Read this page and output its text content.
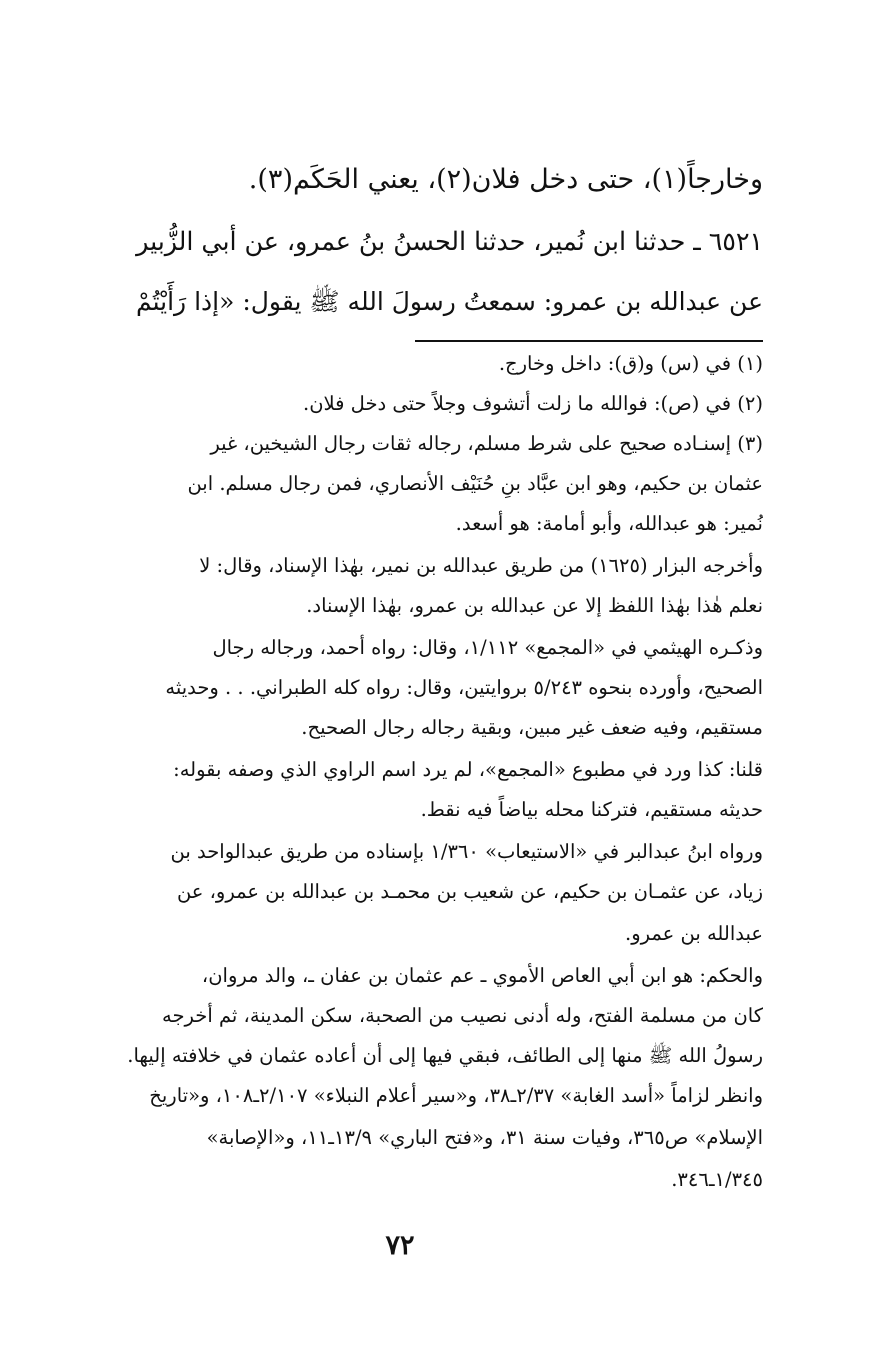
وخارجاً(١)، حتى دخل فلان(٢)، يعني الحَكَم(٣).
٦٥٢١ ـ حدثنا ابن نُمير، حدثنا الحسنُ بنُ عمرو، عن أبي الزُّبير
عن عبدالله بن عمرو: سمعتُ رسولَ الله ﷺ يقول: «إذا رَأَيْتُمْ
(١) في (س) و(ق): داخل وخارج.
(٢) في (ص): فوالله ما زلت أتشوف وجلاً حتى دخل فلان.
(٣) إسنـاده صحيح على شرط مسلم، رجاله ثقات رجال الشيخين، غير
عثمان بن حكيم، وهو ابن عبَّاد بنِ حُنَيْف الأنصاري، فمن رجال مسلم. ابن
نُمير: هو عبدالله، وأبو أمامة: هو أسعد.
وأخرجه البزار (١٦٢٥) من طريق عبدالله بن نمير، بهٰذا الإسناد، وقال: لا
نعلم هٰذا بهٰذا اللفظ إلا عن عبدالله بن عمرو، بهٰذا الإسناد.
وذكـره الهيثمي في «المجمع» ١/١١٢، وقال: رواه أحمد، ورجاله رجال
الصحيح، وأورده بنحوه ٥/٢٤٣ بروايتين، وقال: رواه كله الطبراني. . . وحديثه
مستقيم، وفيه ضعف غير مبين، وبقية رجاله رجال الصحيح.
قلنا: كذا ورد في مطبوع «المجمع»، لم يرد اسم الراوي الذي وصفه بقوله:
حديثه مستقيم، فتركنا محله بياضاً فيه نقط.
ورواه ابنُ عبدالبر في «الاستيعاب» ١/٣٦٠ بإسناده من طريق عبدالواحد بن
زياد، عن عثمـان بن حكيم، عن شعيب بن محمـد بن عبدالله بن عمرو، عن
عبدالله بن عمرو.
والحكم: هو ابن أبي العاص الأموي ـ عم عثمان بن عفان ـ، والد مروان،
كان من مسلمة الفتح، وله أدنى نصيب من الصحبة، سكن المدينة، ثم أخرجه
رسولُ الله ﷺ منها إلى الطائف، فبقي فيها إلى أن أعاده عثمان في خلافته إليها.
وانظر لزاماً «أسد الغابة» ٢/٣٧ـ٣٨، و«سير أعلام النبلاء» ٢/١٠٧ـ١٠٨، و«تاريخ
الإسلام» ص٣٦٥، وفيات سنة ٣١، و«فتح الباري» ١٣/٩ـ١١، و«الإصابة»
١/٣٤٥ـ٣٤٦.
٧٢
